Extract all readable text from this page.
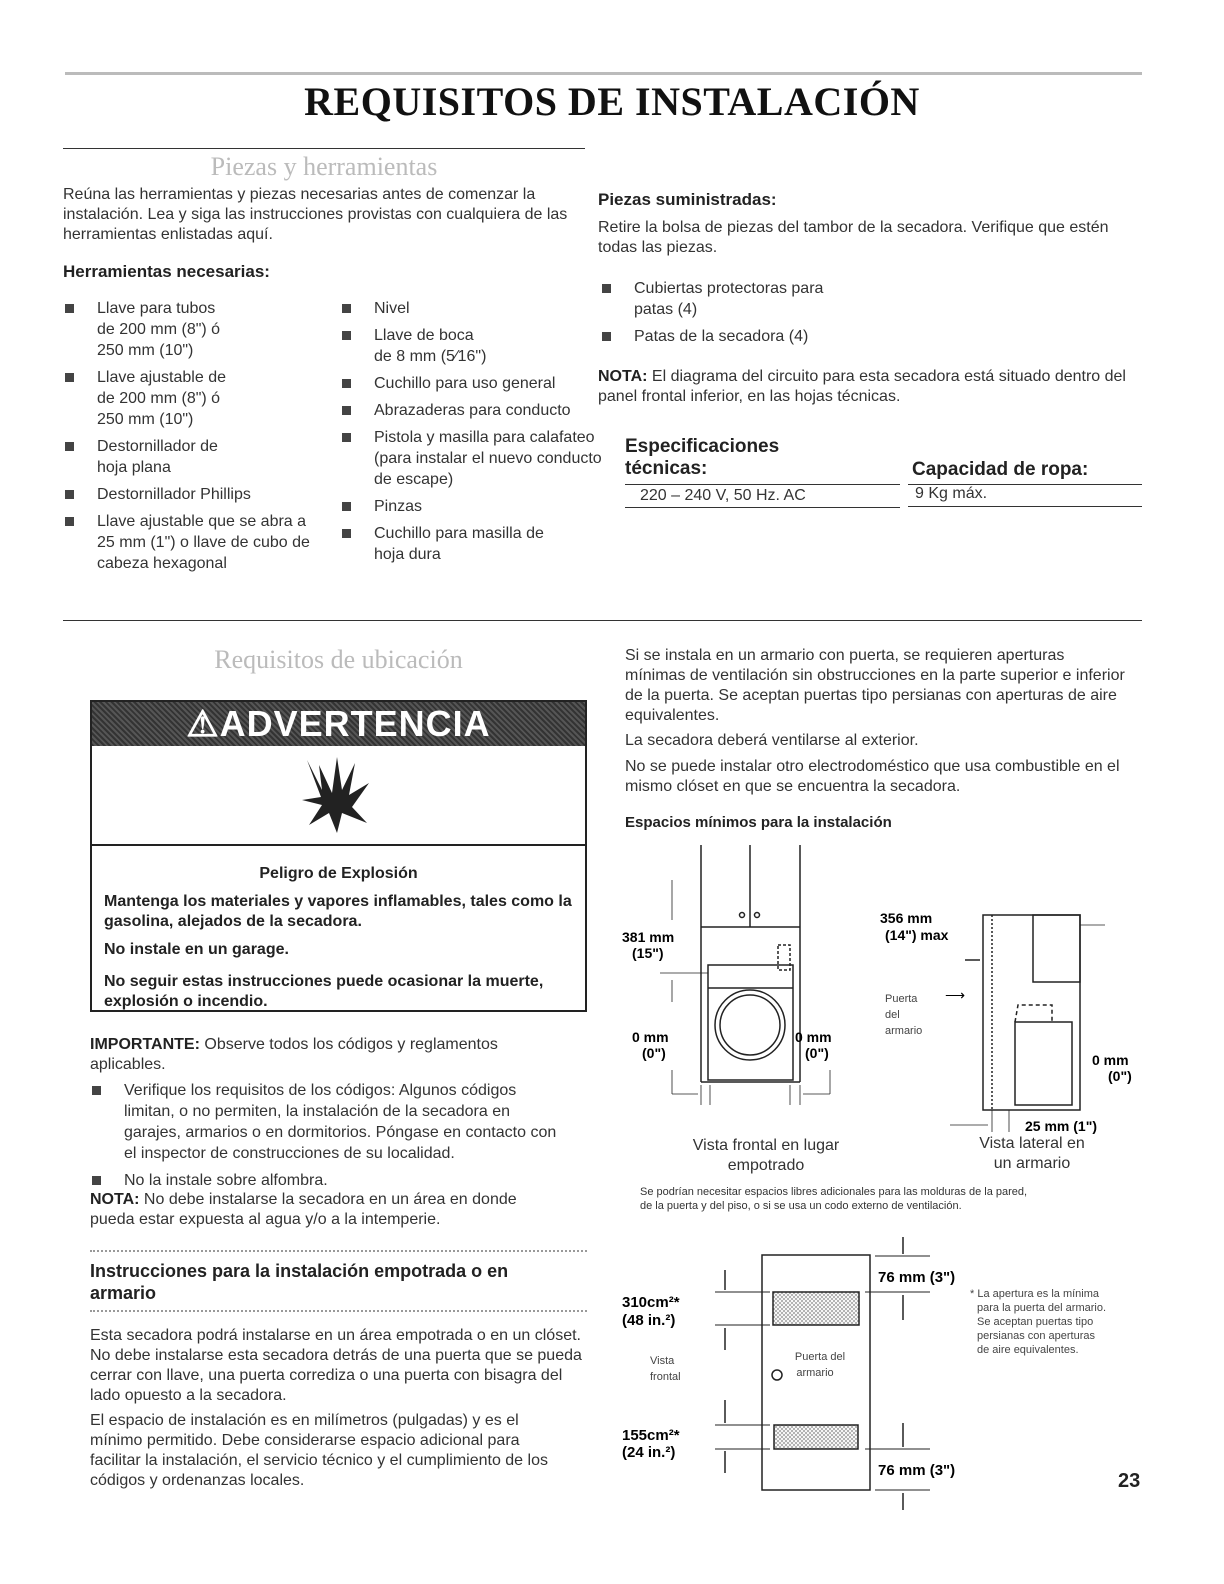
REQUISITOS DE INSTALACIÓN
Piezas y herramientas
Reúna las herramientas y piezas necesarias antes de comenzar la instalación. Lea y siga las instrucciones provistas con cualquiera de las herramientas enlistadas aquí.
Herramientas necesarias:
Llave para tubos de 200 mm (8") ó 250 mm (10")
Llave ajustable de de 200 mm (8") ó 250 mm (10")
Destornillador de hoja plana
Destornillador Phillips
Llave ajustable que se abra a 25 mm (1") o llave de cubo de cabeza hexagonal
Nivel
Llave de boca de 8 mm (5⁄16")
Cuchillo para uso general
Abrazaderas para conducto
Pistola y masilla para calafateo (para instalar el nuevo conducto de escape)
Pinzas
Cuchillo para masilla de hoja dura
Piezas suministradas:
Retire la bolsa de piezas del tambor de la secadora. Verifique que estén todas las piezas.
Cubiertas protectoras para patas (4)
Patas de la secadora (4)
NOTA: El diagrama del circuito para esta secadora está situado dentro del panel frontal inferior, en las hojas técnicas.
Especificaciones técnicas:
220 – 240 V, 50 Hz. AC
Capacidad de ropa:
9 Kg máx.
Requisitos de ubicación
⚠ADVERTENCIA
Peligro de Explosión
Mantenga los materiales y vapores inflamables, tales como la gasolina, alejados de la secadora.
No instale en un garage.
No seguir estas instrucciones puede ocasionar la muerte, explosión o incendio.
IMPORTANTE: Observe todos los códigos y reglamentos aplicables.
Verifique los requisitos de los códigos: Algunos códigos limitan, o no permiten, la instalación de la secadora en garajes, armarios o en dormitorios. Póngase en contacto con el inspector de construcciones de su localidad.
No la instale sobre alfombra.
NOTA: No debe instalarse la secadora en un área en donde pueda estar expuesta al agua y/o a la intemperie.
Instrucciones para la instalación empotrada o en armario
Esta secadora podrá instalarse en un área empotrada o en un clóset. No debe instalarse esta secadora detrás de una puerta que se pueda cerrar con llave, una puerta corrediza o una puerta con bisagra del lado opuesto a la secadora.
El espacio de instalación es en milímetros (pulgadas) y es el mínimo permitido. Debe considerarse espacio adicional para facilitar la instalación, el servicio técnico y el cumplimiento de los códigos y ordenanzas locales.
Si se instala en un armario con puerta, se requieren aperturas mínimas de ventilación sin obstrucciones en la parte superior e inferior de la puerta. Se aceptan puertas tipo persianas con aperturas de aire equivalentes.
La secadora deberá ventilarse al exterior.
No se puede instalar otro electrodoméstico que usa combustible en el mismo clóset en que se encuentra la secadora.
Espacios mínimos para la instalación
381 mm
(15")
0 mm
(0")
0 mm
(0")
Vista frontal en lugar
empotrado
356 mm
(14") max
Puerta
del
armario
⟶
0 mm
(0")
25 mm (1")
Vista lateral en
un armario
Se podrían necesitar espacios libres adicionales para las molduras de la pared,
de la puerta y del piso, o si se usa un codo externo de ventilación.
310cm²*
(48 in.²)
155cm²*
(24 in.²)
Vista
frontal
Puerta del
armario
76 mm (3")
76 mm (3")
* La apertura es la mínima
para la puerta del armario.
Se aceptan puertas tipo
persianas con aperturas
de aire equivalentes.
23
